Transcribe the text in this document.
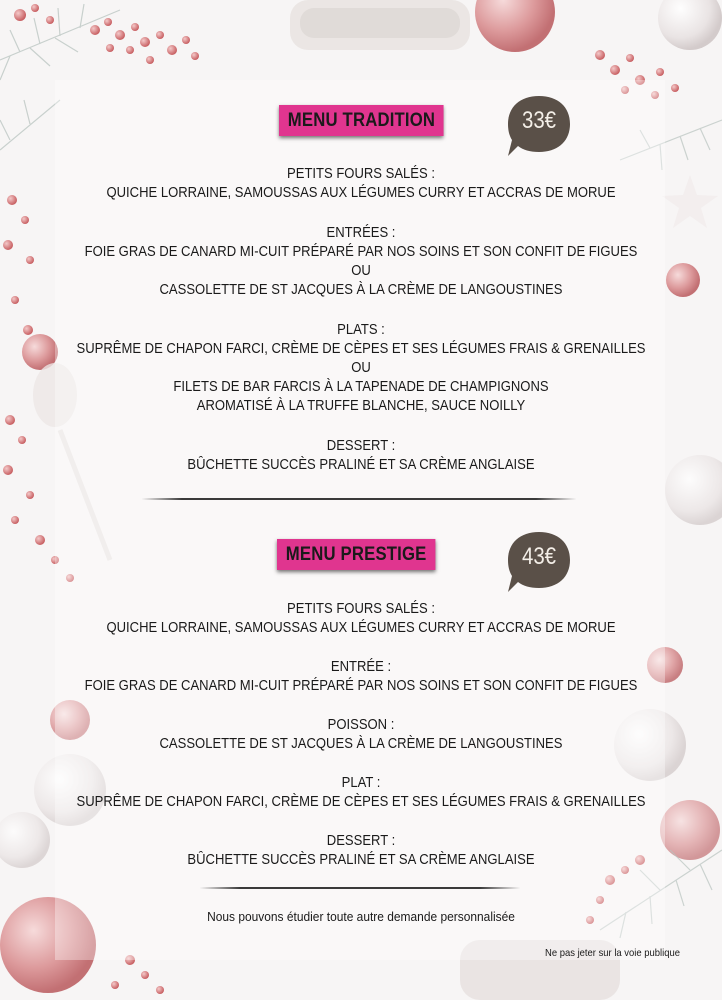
MENU TRADITION	33€
PETITS FOURS SALÉS :
QUICHE LORRAINE, SAMOUSSAS AUX LÉGUMES CURRY ET ACCRAS DE MORUE
ENTRÉES :
FOIE GRAS DE CANARD MI-CUIT PRÉPARÉ PAR NOS SOINS ET SON CONFIT DE FIGUES
OU
CASSOLETTE DE ST JACQUES À LA CRÈME DE LANGOUSTINES
PLATS :
SUPRÊME DE CHAPON FARCI, CRÈME DE CÈPES ET SES LÉGUMES FRAIS & GRENAILLES
OU
FILETS DE BAR FARCIS À LA TAPENADE DE CHAMPIGNONS
AROMATISÉ À LA TRUFFE BLANCHE, SAUCE NOILLY
DESSERT :
BÛCHETTE SUCCÈS PRALINÉ ET SA CRÈME ANGLAISE
MENU PRESTIGE	43€
PETITS FOURS SALÉS :
QUICHE LORRAINE, SAMOUSSAS AUX LÉGUMES CURRY ET ACCRAS DE MORUE
ENTRÉE :
FOIE GRAS DE CANARD MI-CUIT PRÉPARÉ PAR NOS SOINS ET SON CONFIT DE FIGUES
POISSON :
CASSOLETTE DE ST JACQUES À LA CRÈME DE LANGOUSTINES
PLAT :
SUPRÊME DE CHAPON FARCI, CRÈME DE CÈPES ET SES LÉGUMES FRAIS & GRENAILLES
DESSERT :
BÛCHETTE SUCCÈS PRALINÉ ET SA CRÈME ANGLAISE
Nous pouvons étudier toute autre demande personnalisée
Ne pas jeter sur la voie publique
